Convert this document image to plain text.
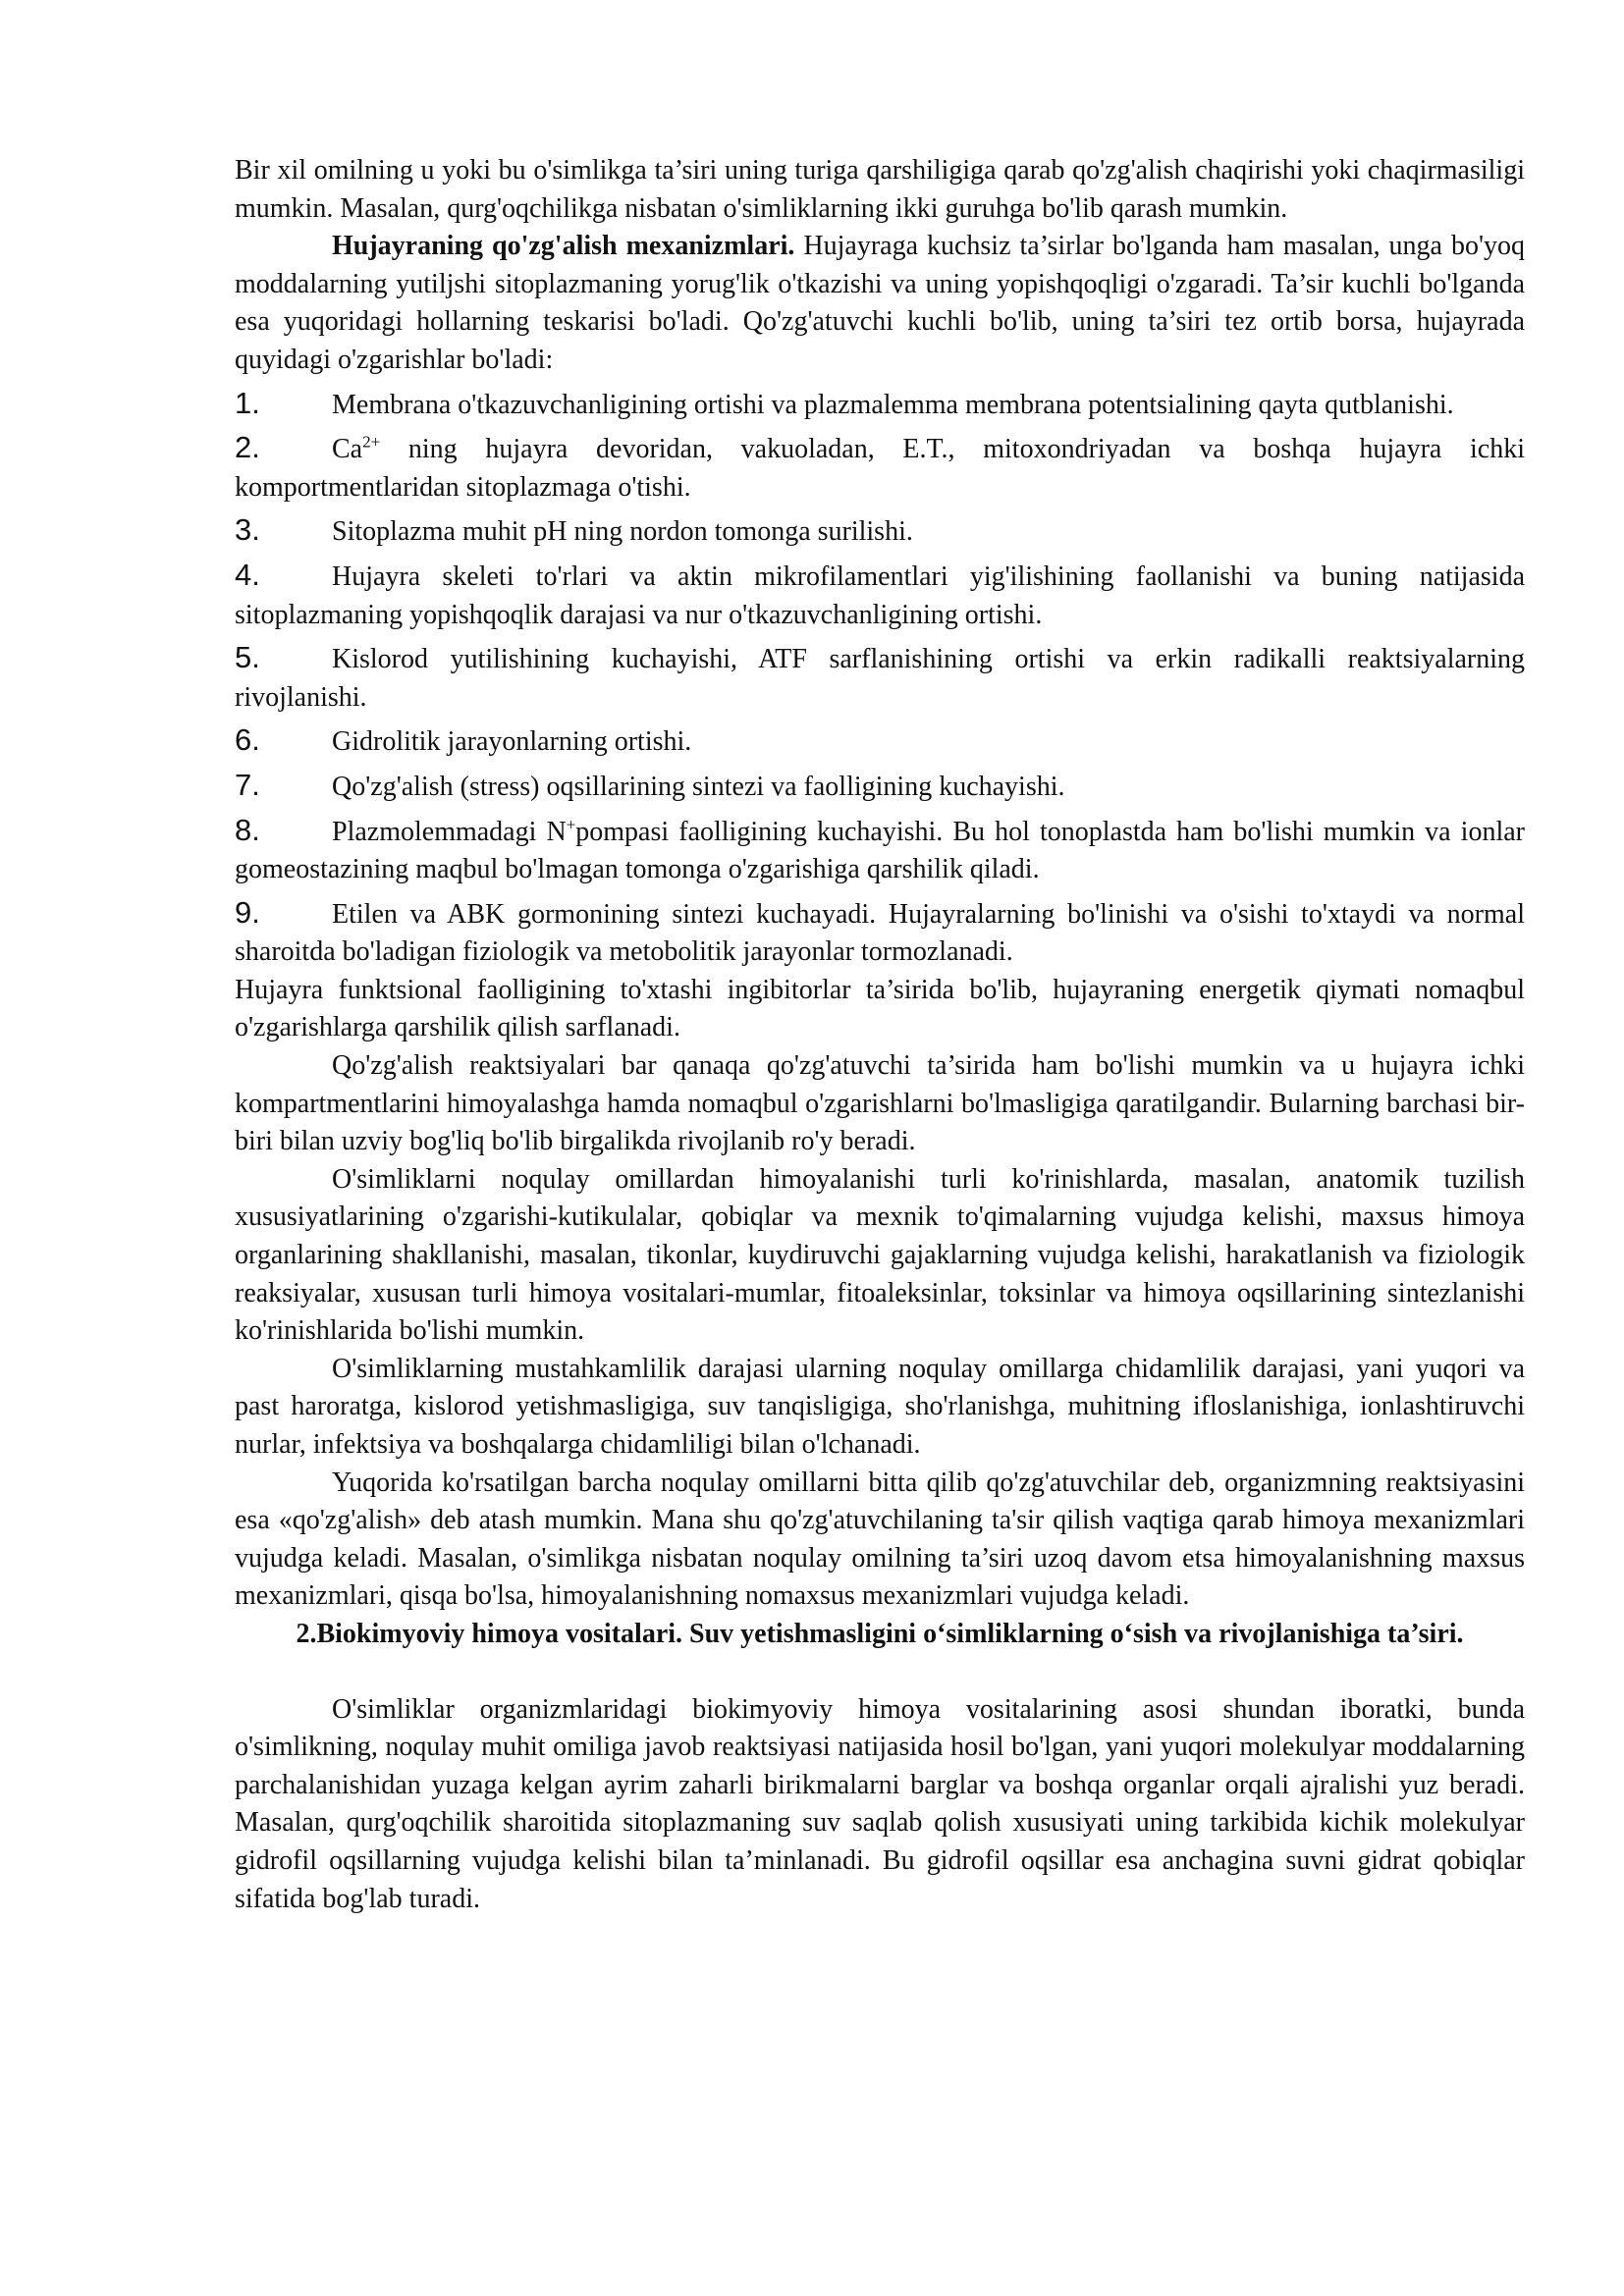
Bir xil omilning u yoki bu o'simlikga ta’siri uning turiga qarshiligiga qarab qo'zg'alish chaqirishi yoki chaqirmasiligi mumkin. Masalan, qurg'oqchilikga nisbatan o'simliklarning ikki guruhga bo'lib qarash mumkin.

Hujayraning qo'zg'alish mexanizmlari. Hujayraga kuchsiz ta’sirlar bo'lganda ham masalan, unga bo'yoq moddalarning yutiljshi sitoplazmaning yorug'lik o'tkazishi va uning yopishqoqligi o'zgaradi. Ta’sir kuchli bo'lganda esa yuqoridagi hollarning teskarisi bo'ladi. Qo'zg'atuvchi kuchli bo'lib, uning ta’siri tez ortib borsa, hujayrada quyidagi o'zgarishlar bo'ladi:

1.	Membrana o'tkazuvchanligining ortishi va plazmalemma membrana potentsialining qayta qutblanishi.

2.	$Ca^{2+}$ ning hujayra devoridan, vakuoladan, E.T., mitoxondriyadan va boshqa hujayra ichki komportmentlaridan sitoplazmaga o'tishi.

3.	Sitoplazma muhit pH ning nordon tomonga surilishi.

4.	Hujayra skeleti to'rlari va aktin mikrofilamentlari yig'ilishining faollanishi va buning natijasida sitoplazmaning yopishqoqlik darajasi va nur o'tkazuvchanligining ortishi.

5.	Kislorod yutilishining kuchayishi, ATF sarflanishining ortishi va erkin radikalli reaktsiyalarning rivojlanishi.

6.	Gidrolitik jarayonlarning ortishi.

7.	Qo'zg'alish (stress) oqsillarining sintezi va faolligining kuchayishi.

8.	Plazmolemmadagi N+pompasi faolligining kuchayishi. Bu hol tonoplastda ham bo'lishi mumkin va ionlar gomeostazining maqbul bo'lmagan tomonga o'zgarishiga qarshilik qiladi.

9.	Etilen va ABK gormonining sintezi kuchayadi. Hujayralarning bo'linishi va o'sishi to'xtaydi va normal sharoitda bo'ladigan fiziologik va metobolitik jarayonlar tormozlanadi.

Hujayra funktsional faolligining to'xtashi ingibitorlar ta’sirida bo'lib, hujayraning energetik qiymati nomaqbul o'zgarishlarga qarshilik qilish sarflanadi.

Qo'zg'alish reaktsiyalari bar qanaqa qo'zg'atuvchi ta’sirida ham bo'lishi mumkin va u hujayra ichki kompartmentlarini himoyalashga hamda nomaqbul o'zgarishlarni bo'lmasligiga qaratilgandir. Bularning barchasi bir-biri bilan uzviy bog'liq bo'lib birgalikda rivojlanib ro'y beradi.

O'simliklarni noqulay omillardan himoyalanishi turli ko'rinishlarda, masalan, anatomik tuzilish xususiyatlarining o'zgarishi-kutikulalar, qobiqlar va mexnik to'qimalarning vujudga kelishi, maxsus himoya organlarining shakllanishi, masalan, tikonlar, kuydiruvchi gajaklarning vujudga kelishi, harakatlanish va fiziologik reaksiyalar, xususan turli himoya vositalari-mumlar, fitoaleksinlar, toksinlar va himoya oqsillarining sintezlanishi ko'rinishlarida bo'lishi mumkin.

O'simliklarning mustahkamlilik darajasi ularning noqulay omillarga chidamlilik darajasi, yani yuqori va past haroratga, kislorod yetishmasligiga, suv tanqisligiga, sho'rlanishga, muhitning ifloslanishiga, ionlashtiruvchi nurlar, infektsiya va boshqalarga chidamliligi bilan o'lchanadi.

Yuqorida ko'rsatilgan barcha noqulay omillarni bitta qilib qo'zg'atuvchilar deb, organizmning reaktsiyasini esa «qo'zg'alish» deb atash mumkin. Mana shu qo'zg'atuvchilaning ta'sir qilish vaqtiga qarab himoya mexanizmlari vujudga keladi. Masalan, o'simlikga nisbatan noqulay omilning ta’siri uzoq davom etsa himoyalanishning maxsus mexanizmlari, qisqa bo'lsa, himoyalanishning nomaxsus mexanizmlari vujudga keladi.

2.Biokimyoviy himoya vositalari. Suv yetishmasligini o‘simliklarning o‘sish va rivojlanishiga ta’siri.

O'simliklar organizmlaridagi biokimyoviy himoya vositalarining asosi shundan iboratki, bunda o'simlikning, noqulay muhit omiliga javob reaktsiyasi natijasida hosil bo'lgan, yani yuqori molekulyar moddalarning parchalanishidan yuzaga kelgan ayrim zaharli birikmalarni barglar va boshqa organlar orqali ajralishi yuz beradi. Masalan, qurg'oqchilik sharoitida sitoplazmaning suv saqlab qolish xususiyati uning tarkibida kichik molekulyar gidrofil oqsillarning vujudga kelishi bilan ta’minlanadi. Bu gidrofil oqsillar esa anchagina suvni gidrat qobiqlar sifatida bog'lab turadi.
